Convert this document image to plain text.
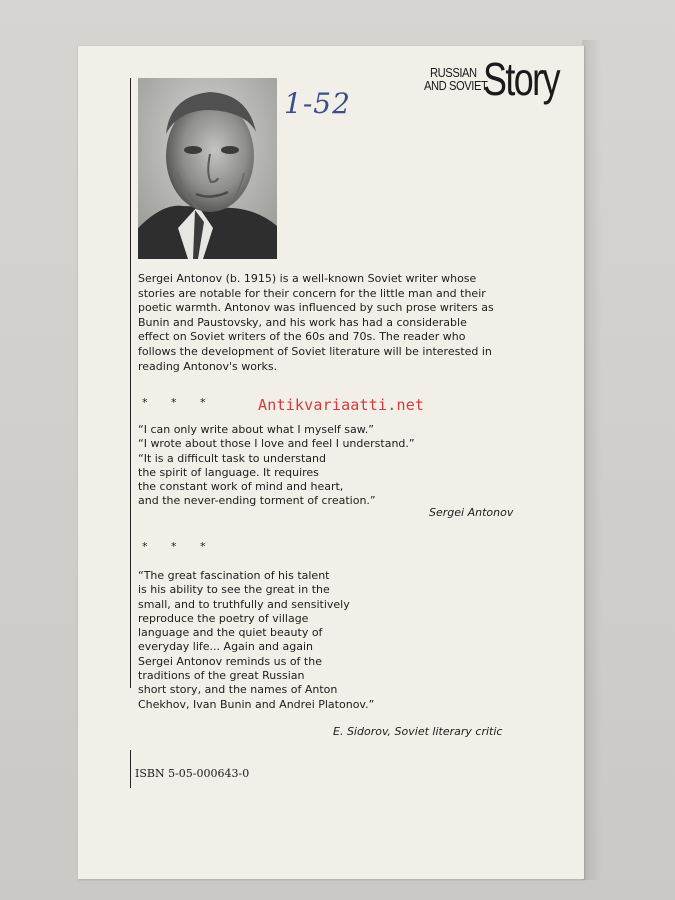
RUSSIAN
AND SOVIET
Story
1-52
Sergei Antonov (b. 1915) is a well-known Soviet writer whose
stories are notable for their concern for the little man and their
poetic warmth. Antonov was influenced by such prose writers as
Bunin and Paustovsky, and his work has had a considerable
effect on Soviet writers of the 60s and 70s. The reader who
follows the development of Soviet literature will be interested in
reading Antonov's works.
* * *	Antikvariaatti.net
“I can only write about what I myself saw.”
“I wrote about those I love and feel I understand.”
“It is a difficult task to understand
the spirit of language. It requires
the constant work of mind and heart,
and the never-ending torment of creation.”
Sergei Antonov
* * *
“The great fascination of his talent
is his ability to see the great in the
small, and to truthfully and sensitively
reproduce the poetry of village
language and the quiet beauty of
everyday life... Again and again
Sergei Antonov reminds us of the
traditions of the great Russian
short story, and the names of Anton
Chekhov, Ivan Bunin and Andrei Platonov.”
E. Sidorov, Soviet literary critic
ISBN 5-05-000643-0
